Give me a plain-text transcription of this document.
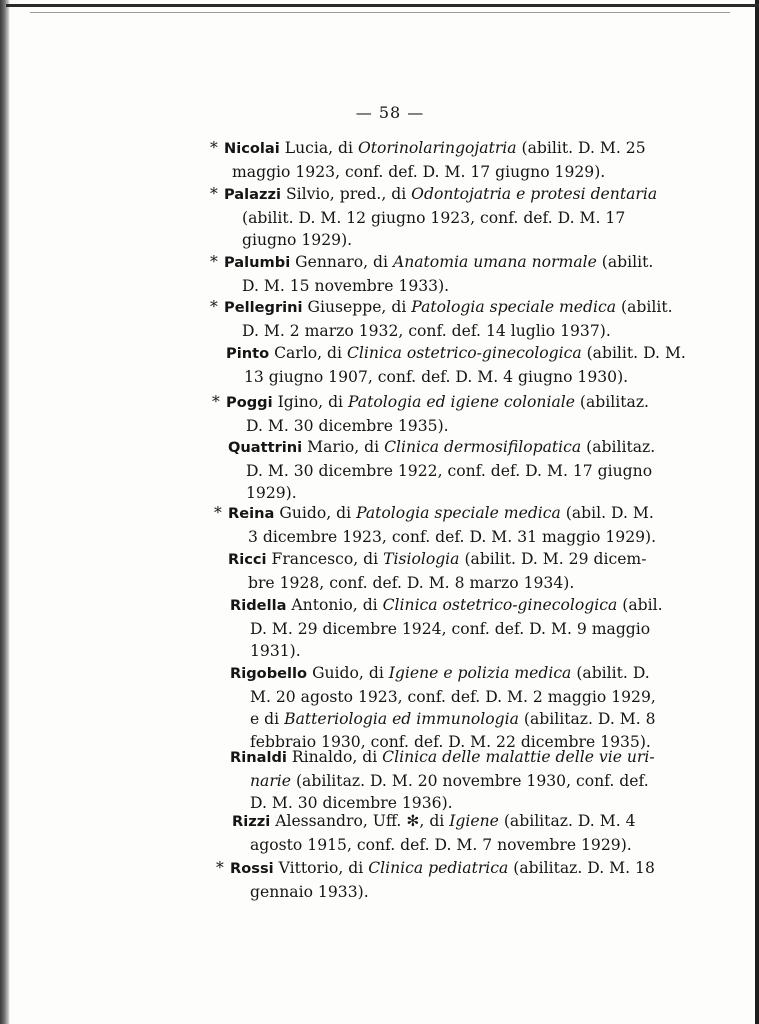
— 58 —
* Nicolai Lucia, di Otorinolaringojatria (abilit. D. M. 25
maggio 1923, conf. def. D. M. 17 giugno 1929).
* Palazzi Silvio, pred., di Odontojatria e protesi dentaria
(abilit. D. M. 12 giugno 1923, conf. def. D. M. 17
giugno 1929).
* Palumbi Gennaro, di Anatomia umana normale (abilit.
D. M. 15 novembre 1933).
* Pellegrini Giuseppe, di Patologia speciale medica (abilit.
D. M. 2 marzo 1932, conf. def. 14 luglio 1937).
Pinto Carlo, di Clinica ostetrico-ginecologica (abilit. D. M.
13 giugno 1907, conf. def. D. M. 4 giugno 1930).
* Poggi Igino, di Patologia ed igiene coloniale (abilitaz.
D. M. 30 dicembre 1935).
Quattrini Mario, di Clinica dermosifilopatica (abilitaz.
D. M. 30 dicembre 1922, conf. def. D. M. 17 giugno
1929).
* Reina Guido, di Patologia speciale medica (abil. D. M.
3 dicembre 1923, conf. def. D. M. 31 maggio 1929).
Ricci Francesco, di Tisiologia (abilit. D. M. 29 dicem-
bre 1928, conf. def. D. M. 8 marzo 1934).
Ridella Antonio, di Clinica ostetrico-ginecologica (abil.
D. M. 29 dicembre 1924, conf. def. D. M. 9 maggio
1931).
Rigobello Guido, di Igiene e polizia medica (abilit. D.
M. 20 agosto 1923, conf. def. D. M. 2 maggio 1929,
e di Batteriologia ed immunologia (abilitaz. D. M. 8
febbraio 1930, conf. def. D. M. 22 dicembre 1935).
Rinaldi Rinaldo, di Clinica delle malattie delle vie uri-
narie (abilitaz. D. M. 20 novembre 1930, conf. def.
D. M. 30 dicembre 1936).
Rizzi Alessandro, Uff. ✻, di Igiene (abilitaz. D. M. 4
agosto 1915, conf. def. D. M. 7 novembre 1929).
* Rossi Vittorio, di Clinica pediatrica (abilitaz. D. M. 18
gennaio 1933).
